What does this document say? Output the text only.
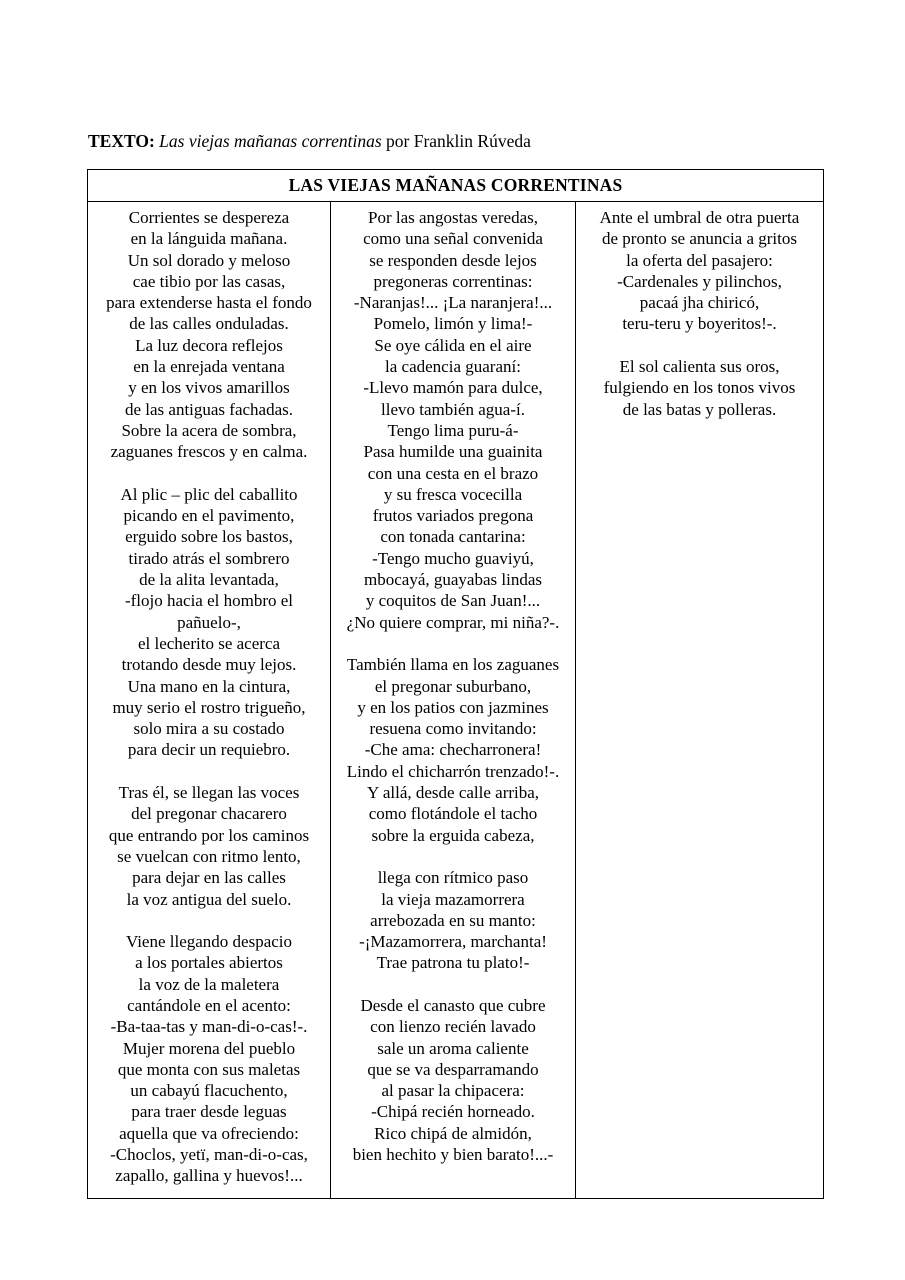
TEXTO: Las viejas mañanas correntinas por Franklin Rúveda

LAS VIEJAS MAÑANAS CORRENTINAS
Corrientes se despereza
en la lánguida mañana.
Un sol dorado y meloso
cae tibio por las casas,
para extenderse hasta el fondo
de las calles onduladas.
La luz decora reflejos
en la enrejada ventana
y en los vivos amarillos
de las antiguas fachadas.
Sobre la acera de sombra,
zaguanes frescos y en calma.

Al plic – plic del caballito
picando en el pavimento,
erguido sobre los bastos,
tirado atrás el sombrero
de la alita levantada,
-flojo hacia el hombro el
pañuelo-,
el lecherito se acerca
trotando desde muy lejos.
Una mano en la cintura,
muy serio el rostro trigueño,
solo mira a su costado
para decir un requiebro.

Tras él, se llegan las voces
del pregonar chacarero
que entrando por los caminos
se vuelcan con ritmo lento,
para dejar en las calles
la voz antigua del suelo.

Viene llegando despacio
a los portales abiertos
la voz de la maletera
cantándole en el acento:
-Ba-taa-tas y man-di-o-cas!-.
Mujer morena del pueblo
que monta con sus maletas
un cabayú flacuchento,
para traer desde leguas
aquella que va ofreciendo:
-Choclos, yetï, man-di-o-cas,
zapallo, gallina y huevos!...
Por las angostas veredas,
como una señal convenida
se responden desde lejos
pregoneras correntinas:
-Naranjas!... ¡La naranjera!...
Pomelo, limón y lima!-
Se oye cálida en el aire
la cadencia guaraní:
-Llevo mamón para dulce,
llevo también agua-í.
Tengo lima puru-á-
Pasa humilde una guainita
con una cesta en el brazo
y su fresca vocecilla
frutos variados pregona
con tonada cantarina:
-Tengo mucho guaviyú,
mbocayá, guayabas lindas
y coquitos de San Juan!...
¿No quiere comprar, mi niña?-.

También llama en los zaguanes
el pregonar suburbano,
y en los patios con jazmines
resuena como invitando:
-Che ama: checharronera!
Lindo el chicharrón trenzado!-.
Y allá, desde calle arriba,
como flotándole el tacho
sobre la erguida cabeza,

llega con rítmico paso
la vieja mazamorrera
arrebozada en su manto:
-¡Mazamorrera, marchanta!
Trae patrona tu plato!-

Desde el canasto que cubre
con lienzo recién lavado
sale un aroma caliente
que se va desparramando
al pasar la chipacera:
-Chipá recién horneado.
Rico chipá de almidón,
bien hechito y bien barato!...-
Ante el umbral de otra puerta
de pronto se anuncia a gritos
la oferta del pasajero:
-Cardenales y pilinchos,
pacaá jha chiricó,
teru-teru y boyeritos!-.

El sol calienta sus oros,
fulgiendo en los tonos vivos
de las batas y polleras.
